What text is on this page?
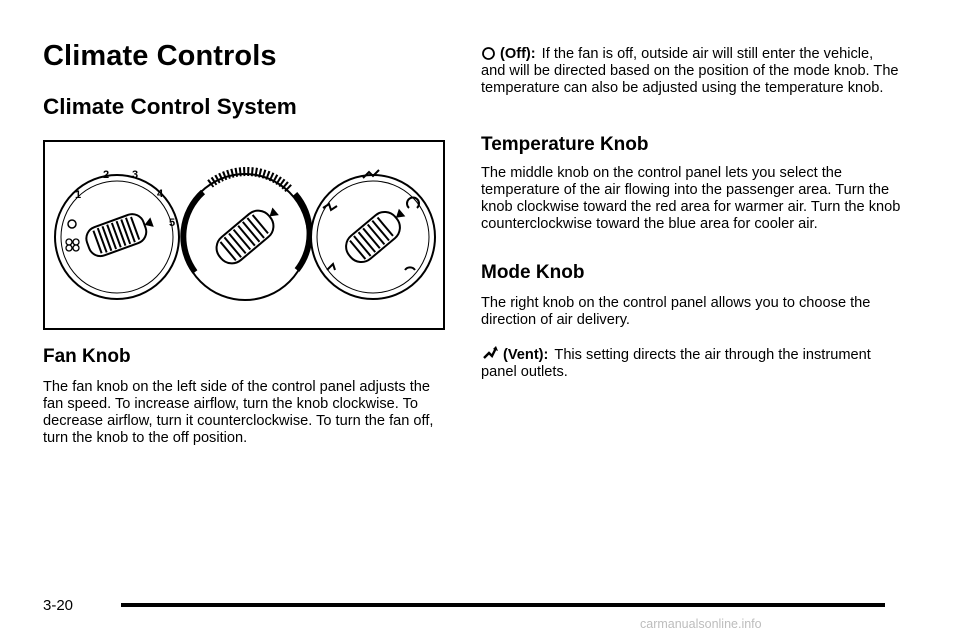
Climate Controls
Climate Control System
1
2 3
4
5
Fan Knob

The fan knob on the left side of the control panel adjusts the fan speed. To increase airflow, turn the knob clockwise. To decrease airflow, turn it counterclockwise. To turn the fan off, turn the knob to the off position.

(Off): If the fan is off, outside air will still enter the vehicle, and will be directed based on the position of the mode knob. The temperature can also be adjusted using the temperature knob.
Temperature Knob

The middle knob on the control panel lets you select the temperature of the air flowing into the passenger area. Turn the knob clockwise toward the red area for warmer air. Turn the knob counterclockwise toward the blue area for cooler air.

Mode Knob

The right knob on the control panel allows you to choose the direction of air delivery.

(Vent): This setting directs the air through the instrument panel outlets.
3-20
carmanualsonline.info
